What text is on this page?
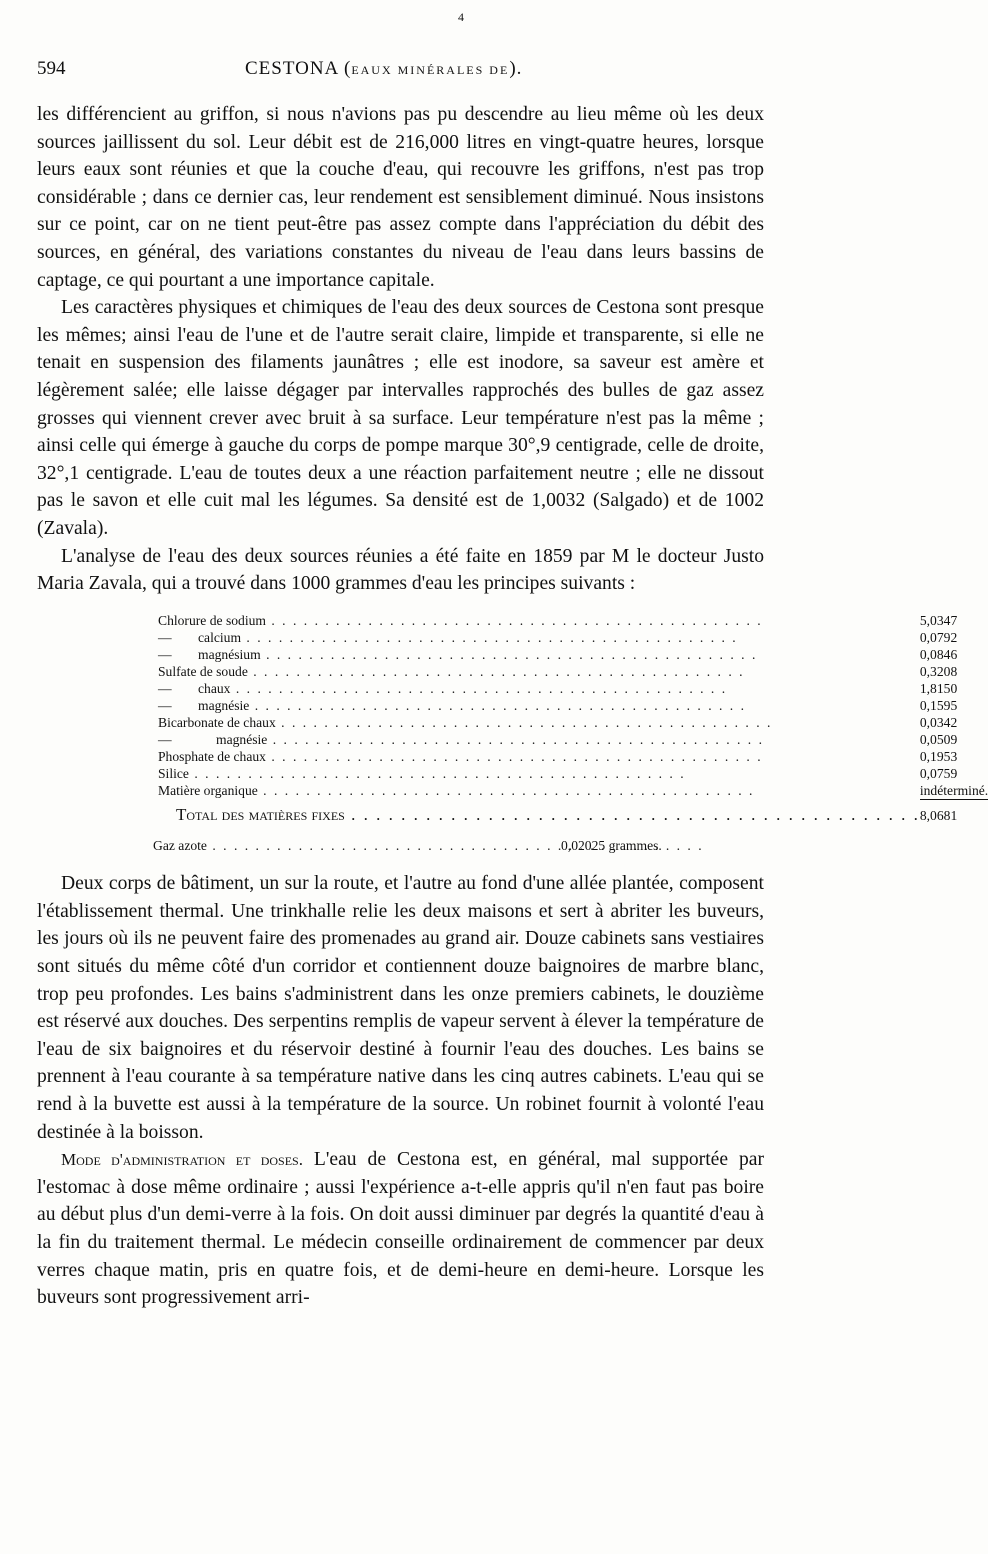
4
594	CESTONA (EAUX MINÉRALES DE).

les différencient au griffon, si nous n'avions pas pu descendre au lieu même où les deux sources jaillissent du sol. Leur débit est de 216,000 litres en vingt-quatre heures, lorsque leurs eaux sont réunies et que la couche d'eau, qui recouvre les griffons, n'est pas trop considérable ; dans ce dernier cas, leur rendement est sensiblement diminué. Nous insistons sur ce point, car on ne tient peut-être pas assez compte dans l'appréciation du débit des sources, en général, des variations constantes du niveau de l'eau dans leurs bassins de captage, ce qui pourtant a une importance capitale.

Les caractères physiques et chimiques de l'eau des deux sources de Cestona sont presque les mêmes; ainsi l'eau de l'une et de l'autre serait claire, limpide et transparente, si elle ne tenait en suspension des filaments jaunâtres ; elle est inodore, sa saveur est amère et légèrement salée; elle laisse dégager par intervalles rapprochés des bulles de gaz assez grosses qui viennent crever avec bruit à sa surface. Leur température n'est pas la même ; ainsi celle qui émerge à gauche du corps de pompe marque 30°,9 centigrade, celle de droite, 32°,1 centigrade. L'eau de toutes deux a une réaction parfaitement neutre ; elle ne dissout pas le savon et elle cuit mal les légumes. Sa densité est de 1,0032 (Salgado) et de 1002 (Zavala).

L'analyse de l'eau des deux sources réunies a été faite en 1859 par M le docteur Justo Maria Zavala, qui a trouvé dans 1000 grammes d'eau les principes suivants :

Chlorure de sodium . . .	5,0347
— calcium . . .	0,0792
— magnésium . . .	0,0846
Sulfate de soude . . .	0,3208
— chaux . . .	1,8150
— magnésie . . .	0,1595
Bicarbonate de chaux . . .	0,0342
— magnésie . . .	0,0509
Phosphate de chaux . . .	0,1953
Silice . . .	0,0759
Matière organique . . .	indéterminé.
Total des matières fixes . . .	8,0681
Gaz azote . . .	0,02025 grammes.

Deux corps de bâtiment, un sur la route, et l'autre au fond d'une allée plantée, composent l'établissement thermal. Une trinkhalle relie les deux maisons et sert à abriter les buveurs, les jours où ils ne peuvent faire des promenades au grand air. Douze cabinets sans vestiaires sont situés du même côté d'un corridor et contiennent douze baignoires de marbre blanc, trop peu profondes. Les bains s'administrent dans les onze premiers cabinets, le douzième est réservé aux douches. Des serpentins remplis de vapeur servent à élever la température de l'eau de six baignoires et du réservoir destiné à fournir l'eau des douches. Les bains se prennent à l'eau courante à sa température native dans les cinq autres cabinets. L'eau qui se rend à la buvette est aussi à la température de la source. Un robinet fournit à volonté l'eau destinée à la boisson.

Mode d'administration et doses. L'eau de Cestona est, en général, mal supportée par l'estomac à dose même ordinaire ; aussi l'expérience a-t-elle appris qu'il n'en faut pas boire au début plus d'un demi-verre à la fois. On doit aussi diminuer par degrés la quantité d'eau à la fin du traitement thermal. Le médecin conseille ordinairement de commencer par deux verres chaque matin, pris en quatre fois, et de demi-heure en demi-heure. Lorsque les buveurs sont progressivement arri-
